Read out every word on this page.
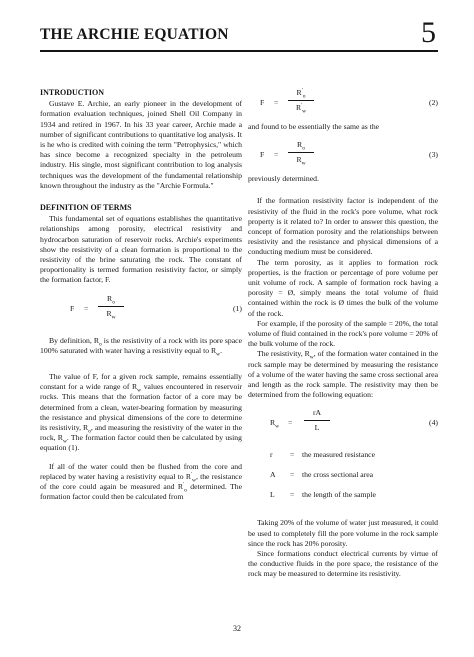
THE ARCHIE EQUATION	5
INTRODUCTION

Gustave E. Archie, an early pioneer in the development of formation evaluation techniques, joined Shell Oil Company in 1934 and retired in 1967. In his 33 year career, Archie made a number of significant contributions to quantitative log analysis. It is he who is credited with coining the term "Petrophysics," which has since become a recognized specialty in the petroleum industry. His single, most significant contribution to log analysis techniques was the development of the fundamental relationship known throughout the industry as the "Archie Formula."

DEFINITION OF TERMS

This fundamental set of equations establishes the quantitative relationships among porosity, electrical resistivity and hydrocarbon saturation of reservoir rocks. Archie's experiments show the resistivity of a clean formation is proportional to the resistivity of the brine saturating the rock. The constant of proportionality is termed formation resistivity factor, or simply the formation factor, F.

F =
$R_o$
$R_w$
(1)

By definition, $R_o$ is the resistivity of a rock with its pore space 100% saturated with water having a resistivity equal to $R_w$.

The value of F, for a given rock sample, remains essentially constant for a wide range of $R_w$ values encountered in reservoir rocks. This means that the formation factor of a core may be determined from a clean, water-bearing formation by measuring the resistance and physical dimensions of the core to determine its resistivity, $R_o$, and measuring the resistivity of the water in the rock, $R_w$. The formation factor could then be calculated by using equation (1).

If all of the water could then be flushed from the core and replaced by water having a resistivity equal to $R'_w$, the resistance of the core could again be measured and $R'_o$ determined. The formation factor could then be calculated from

F =
$R'_o$
$R'_w$
(2)

and found to be essentially the same as the

F =
$R_o$
$R_w$
(3)

previously determined.

If the formation resistivity factor is independent of the resistivity of the fluid in the rock's pore volume, what rock property is it related to? In order to answer this question, the concept of formation porosity and the relationships between resistivity and the resistance and physical dimensions of a conducting medium must be considered.

The term porosity, as it applies to formation rock properties, is the fraction or percentage of pore volume per unit volume of rock. A sample of formation rock having a porosity = Ø, simply means the total volume of fluid contained within the rock is Ø times the bulk of the volume of the rock.

For example, if the porosity of the sample = 20%, the total volume of fluid contained in the rock's pore volume = 20% of the bulk volume of the rock.

The resistivity, $R_w$, of the formation water contained in the rock sample may be determined by measuring the resistance of a volume of the water having the same cross sectional area and length as the rock sample. The resistivity may then be determined from the following equation:

$R_w$ =
rA
L
(4)
r = the measured resistance
A = the cross sectional area
L = the length of the sample

Taking 20% of the volume of water just measured, it could be used to completely fill the pore volume in the rock sample since the rock has 20% porosity.

Since formations conduct electrical currents by virtue of the conductive fluids in the pore space, the resistance of the rock may be measured to determine its resistivity.

32
